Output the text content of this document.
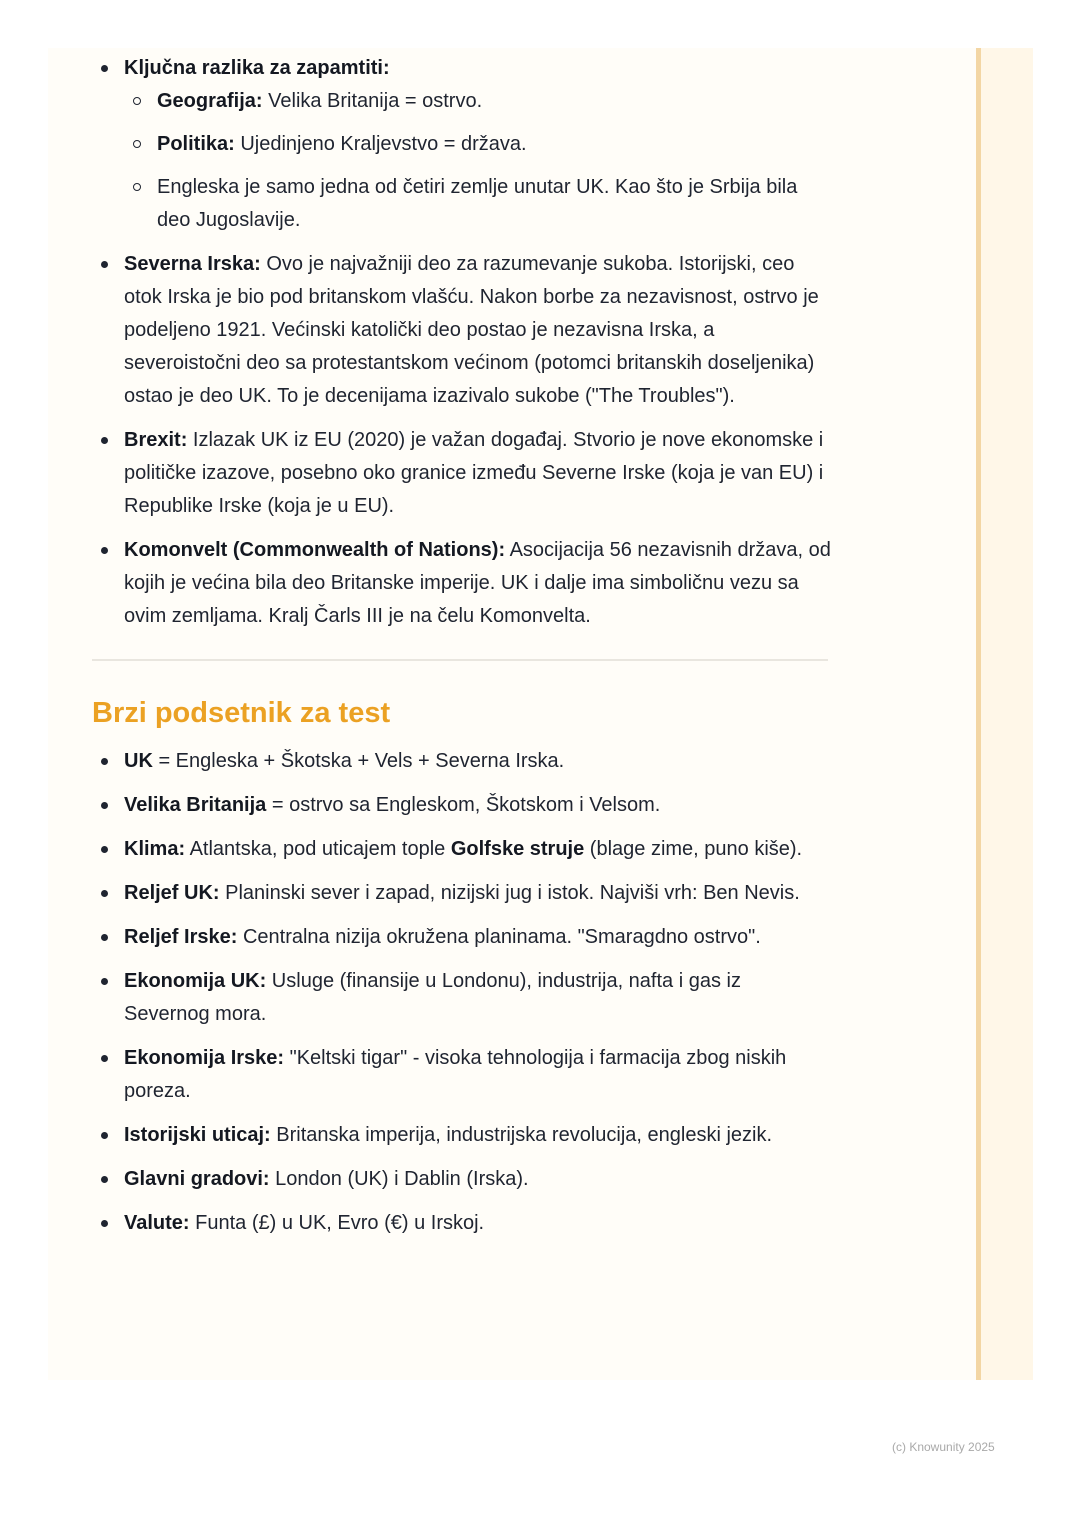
Ključna razlika za zapamtiti:
Geografija: Velika Britanija = ostrvo.
Politika: Ujedinjeno Kraljevstvo = država.
Engleska je samo jedna od četiri zemlje unutar UK. Kao što je Srbija bila deo Jugoslavije.
Severna Irska: Ovo je najvažniji deo za razumevanje sukoba. Istorijski, ceo otok Irska je bio pod britanskom vlašću. Nakon borbe za nezavisnost, ostrvo je podeljeno 1921. Većinski katolički deo postao je nezavisna Irska, a severoistočni deo sa protestantskom većinom (potomci britanskih doseljenika) ostao je deo UK. To je decenijama izazivalo sukobe ("The Troubles").
Brexit: Izlazak UK iz EU (2020) je važan događaj. Stvorio je nove ekonomske i političke izazove, posebno oko granice između Severne Irske (koja je van EU) i Republike Irske (koja je u EU).
Komonvelt (Commonwealth of Nations): Asocijacija 56 nezavisnih država, od kojih je većina bila deo Britanske imperije. UK i dalje ima simboličnu vezu sa ovim zemljama. Kralj Čarls III je na čelu Komonvelta.
Brzi podsetnik za test
UK = Engleska + Škotska + Vels + Severna Irska.
Velika Britanija = ostrvo sa Engleskom, Škotskom i Velsom.
Klima: Atlantska, pod uticajem tople Golfske struje (blage zime, puno kiše).
Reljef UK: Planinski sever i zapad, nizijski jug i istok. Najviši vrh: Ben Nevis.
Reljef Irske: Centralna nizija okružena planinama. "Smaragdno ostrvo".
Ekonomija UK: Usluge (finansije u Londonu), industrija, nafta i gas iz Severnog mora.
Ekonomija Irske: "Keltski tigar" - visoka tehnologija i farmacija zbog niskih poreza.
Istorijski uticaj: Britanska imperija, industrijska revolucija, engleski jezik.
Glavni gradovi: London (UK) i Dablin (Irska).
Valute: Funta (£) u UK, Evro (€) u Irskoj.
(c) Knowunity 2025
